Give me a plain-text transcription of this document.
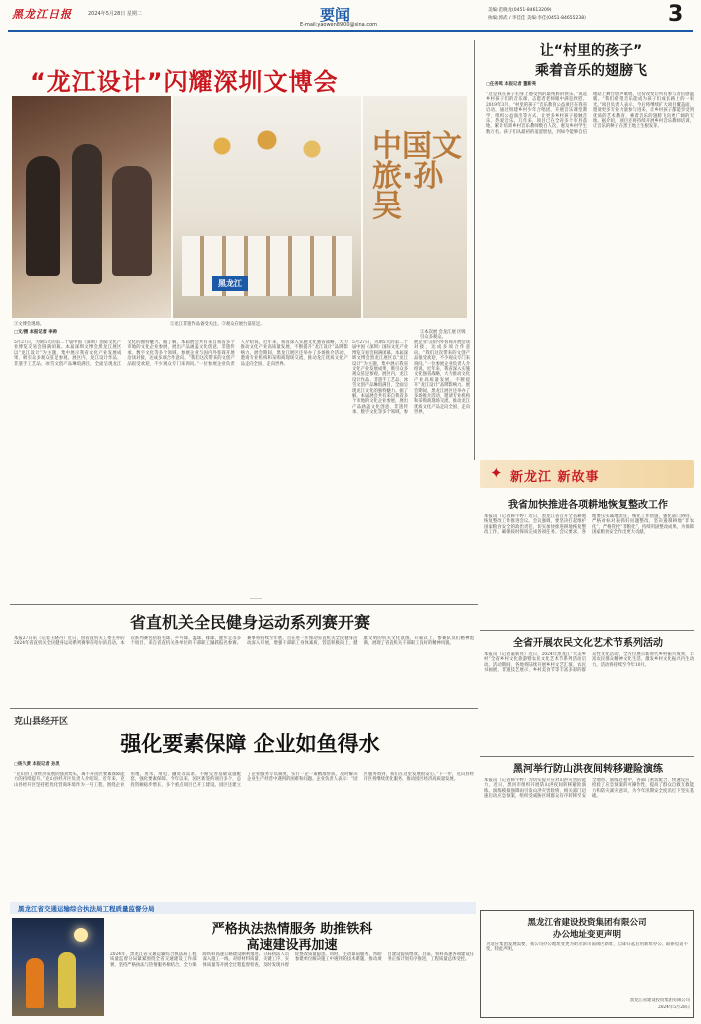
黑龙江日报	2024年5月28日 星期二	要闻
E-mail:yaowen8900@sina.com
美编:范晓龙(0451-84613209)
执编:郭武 / 李佳佳 美编:李佳(0451-84655238)	3
“龙江设计”闪耀深圳文博会
中国文旅·孙吴
黑龙江
①文博会现场。	②龙江非遗作品备受关注。③观众在展台前驻足。
②本次展 会龙江展 区吸引众多观众。
□文/摄 本报记者 李帅
5月27日，为期5天的第二十届中国（深圳）国际文化产业博览交易会圆满闭幕。本届深圳文博会黑龙江展区以“龙江设计”为主题，集中展示我省文化产业发展成果，吸引众多观众驻足参观。展区内，龙江设计作品、非遗手工艺品、冰雪文创产品琳琅满目，全面呈现龙江文化的独特魅力。据了解，本届展会共有来自我省多个市地的文化企业参展，展出产品涵盖文化创意、非遗传承、数字文化等多个领域，参展企业与国内外客商开展洽谈对接，达成多项合作意向。“我们这次带来的文创产品很受欢迎，不少观众专门来询问。”一位参展企业负责人介绍说。近年来，我省深入实施文化强省战略，大力推动文化产业高质量发展，不断提升“龙江设计”品牌影响力。展会期间，黑龙江展区还举办了多场推介活动，邀请专业机构和采购商现场交流，推动龙江优质文化产品走向全国、走向世界。
5月27日，为期5天的第二十届中国（深圳）国际文化产业博览交易会圆满闭幕。本届深圳文博会黑龙江展区以“龙江设计”为主题，集中展示我省文化产业发展成果，吸引众多观众驻足参观。展区内，龙江设计作品、非遗手工艺品、冰雪文创产品琳琅满目，全面呈现龙江文化的独特魅力。据了解，本届展会共有来自我省多个市地的文化企业参展，展出产品涵盖文化创意、非遗传承、数字文化等多个领域，参展企业与国内外客商开展洽谈对接，达成多项合作意向。“我们这次带来的文创产品很受欢迎，不少观众专门来询问。”一位参展企业负责人介绍说。近年来，我省深入实施文化强省战略，大力推动文化产业高质量发展，不断提升“龙江设计”品牌影响力。展会期间，黑龙江展区还举办了多场推介活动，邀请专业机构和采购商现场交流，推动龙江优质文化产品走向全国、走向世界。
……
让“村里的孩子”
乘着音乐的翅膀飞
□任务鸣 本报记者 董新亮
“这是我在孩子们身上感受到的最纯粹的快乐。”说起乡村孩子们的音乐课，志愿者老师眼中满是欣慰。2019年3月，“村里的孩子”音乐教育公益项目在我省启动，通过组建乡村少年合唱团、开展音乐课堂教学、组织公益演出等方式，让更多乡村孩子接触音乐、热爱音乐。几年来，项目已在全省多个市县落地，累计培训乡村音乐教师数百人次，惠及乡村学生数万名。孩子们从最初的羞涩胆怯，到如今能够自信地站上舞台放声歌唱，这份改变让所有参与者倍感温暖。“我们希望音乐能成为孩子们成长路上的一束光。”项目负责人表示，今后将继续扩大项目覆盖面，邀请更多专业力量参与进来，让乡村孩子都能享受到优质的艺术教育，乘着音乐的翅膀飞向更广阔的天地。据介绍，项目还将持续开展乡村音乐教师培训，让音乐的种子在黑土地上生根发芽。
✦ 新龙江 新故事
我省加快推进各项耕地恢复整改工作
本报讯（记者韩宇婷）近日，黑龙江省召开全省耕地恢复整改工作推进会议。会议强调，要坚决扛起维护国家粮食安全的政治责任，切实加快推进耕地恢复整改工作，确保按时保质完成各项任务。会议要求，各地要压实属地责任，细化工作措施，强化部门协同，严格对标对表抓好问题整改，坚决遏制耕地“非农化”、严格管控“非粮化”，持续巩固整改成果，为保障国家粮食安全作出更大贡献。
省直机关全民健身运动系列赛开赛
本报27日讯（记者王晓丹）近日，由省直机关工委主办的2024年省直机关全民健身运动系列赛事在哈尔滨启动。本次系列赛包括羽毛球、乒乓球、篮球、排球、健步走等多个项目，来自省直机关各单位的干部职工踊跃报名参赛。赛事将持续至年底，旨在进一步推动省直机关全民健身活动深入开展，增强干部职工身体素质，营造积极向上、健康文明的机关文化氛围。开幕式上，参赛队员们精神饱满，展现了省直机关干部职工良好的精神风貌。	全省开展农民文化艺术节系列活动
本报讯（记者董新亮）近日，2024年黑龙江“大美乡村”全省乡村文化旅游暨农民文化艺术节系列活动启动。活动期间，各地将陆续开展乡村文艺汇演、农民书画展、非遗技艺展示、乡村美食节等丰富多彩的群众性文化活动，全方位展示新时代乡村振兴成果，丰富农民群众精神文化生活，激发乡村文化振兴内生动力。活动将持续至今年10月。
克山县经开区
强化要素保障 企业如鱼得水
□杨久黄 本报记者 孙灵
“克山县工业经济发展的强劲势头，离不开园区要素保障能力的持续提升。”克山县经开区负责人介绍说。近年来，克山县经开区坚持把优化营商环境作为一号工程，围绕企业用地、用水、用电、融资等需求，不断完善基础设施配套，强化要素保障。今年以来，园区新签约项目多个，总投资额稳步增长，多个重点项目已开工建设。园区还建立了企业服务专员制度，实行一企一策精准帮扶，及时解决企业生产经营中遇到的困难和问题。企业负责人表示：“园区服务周到，我们在这里发展很安心。”下一步，克山县经开区将继续优化服务，推动园区经济高质量发展。
黑河举行防山洪夜间转移避险演练
本报讯（记者韩宇婷）为切实提升应对山洪灾害的能力，近日，黑河市组织开展防山洪夜间转移避险演练。演练模拟强降雨引发山洪灾害险情，相关部门迅速启动应急预案，组织受威胁区域群众有序转移至安全地带。演练过程中，各部门密切配合、快速反应，检验了应急预案的可操作性，提高了群众自救互救能力和防灾减灾意识，为今年汛期安全度汛打下坚实基础。
黑龙江省交通运输综合执法局工程质量监督分局
严格执法热情服务 助推铁科
高速建设再加速
2024年，黑龙江省交通运输综合执法局工程质量监督分局紧紧围绕全省交通建设工作部署，坚持严格执法与热情服务相结合，全力保障铁科高速公路建设顺利推进。分局执法人员深入施工一线，对原材料质量、关键工序、实体质量等开展全过程监督检查，及时发现并督促整改质量隐患。同时，主动靠前服务，帮助参建单位解决施工中遇到的技术难题，推动项目建设提质增效。目前，铁科高速各项建设任务正按计划有序推进，工程质量总体受控。
黑龙江省建设投资集团有限公司
办公地址变更声明
为适应集团发展需要，我公司办公地址变更为哈尔滨市南岗区新址，自即日起启用新址办公。联系电话不变。特此声明。
黑龙江省建设投资集团有限公司
2024年5月28日
